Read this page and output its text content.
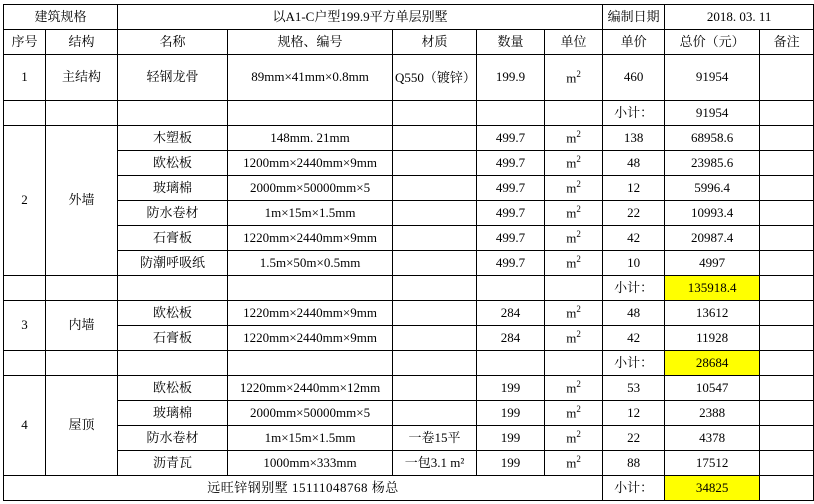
建筑规格		以A1-C户型199.9平方单层别墅					编制日期	2018. 03. 11	
序号	结构	名称	规格、编号	材质	数量	单位	单价	总价（元）	备注
1	主结构	轻钢龙骨	89mm×41mm×0.8mm	Q550（镀锌）	199.9	$m^2$	460	91954	
							小计：	91954	
2	外墙	木塑板	148mm. 21mm		499.7	$m^2$	138	68958.6	
		欧松板	1200mm×2440mm×9mm		499.7	$m^2$	48	23985.6	
		玻璃棉	2000mm×50000mm×5		499.7	$m^2$	12	5996.4	
		防水卷材	1m×15m×1.5mm		499.7	$m^2$	22	10993.4	
		石膏板	1220mm×2440mm×9mm		499.7	$m^2$	42	20987.4	
		防潮呼吸纸	1.5m×50m×0.5mm		499.7	$m^2$	10	4997	
							小计：	135918.4	
3	内墙	欧松板	1220mm×2440mm×9mm		284	$m^2$	48	13612	
		石膏板	1220mm×2440mm×9mm		284	$m^2$	42	11928	
							小计：	28684	
4	屋顶	欧松板	1220mm×2440mm×12mm		199	$m^2$	53	10547	
		玻璃棉	2000mm×50000mm×5		199	$m^2$	12	2388	
		防水卷材	1m×15m×1.5mm	一卷15平	199	$m^2$	22	4378	
		沥青瓦	1000mm×333mm	一包3.1 m²	199	$m^2$	88	17512	
远旺锌钢别墅 15111048768 杨总							小计：	34825	
